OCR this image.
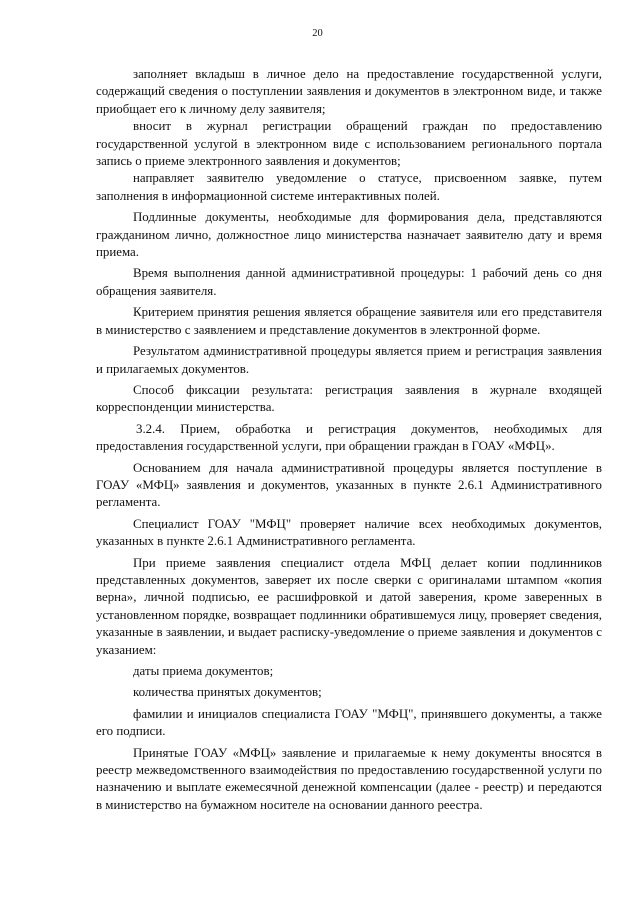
20

заполняет вкладыш в личное дело на предоставление государственной услуги, содержащий сведения о поступлении заявления и документов в электронном виде, и также приобщает его к личному делу заявителя;

вносит в журнал регистрации обращений граждан по предоставлению государственной услугой в электронном виде с использованием регионального портала запись о приеме электронного заявления и документов;

направляет заявителю уведомление о статусе, присвоенном заявке, путем заполнения в информационной системе интерактивных полей.

Подлинные документы, необходимые для формирования дела, представляются гражданином лично, должностное лицо министерства назначает заявителю дату и время приема.

Время выполнения данной административной процедуры: 1 рабочий день со дня обращения заявителя.

Критерием принятия решения является обращение заявителя или его представителя в министерство с заявлением и представление документов в электронной форме.

Результатом административной процедуры является прием и регистрация заявления и прилагаемых документов.

Способ фиксации результата: регистрация заявления в журнале входящей корреспонденции министерства.

3.2.4. Прием, обработка и регистрация документов, необходимых для предоставления государственной услуги, при обращении граждан в ГОАУ «МФЦ».

Основанием для начала административной процедуры является поступление в ГОАУ «МФЦ» заявления и документов, указанных в пункте 2.6.1 Административного регламента.

Специалист ГОАУ "МФЦ" проверяет наличие всех необходимых документов, указанных в пункте 2.6.1 Административного регламента.

При приеме заявления специалист отдела МФЦ делает копии подлинников представленных документов, заверяет их после сверки с оригиналами штампом «копия верна», личной подписью, ее расшифровкой и датой заверения, кроме заверенных в установленном порядке, возвращает подлинники обратившемуся лицу, проверяет сведения, указанные в заявлении, и выдает расписку-уведомление о приеме заявления и документов с указанием:

даты приема документов;

количества принятых документов;

фамилии и инициалов специалиста ГОАУ "МФЦ", принявшего документы, а также его подписи.

Принятые ГОАУ «МФЦ» заявление и прилагаемые к нему документы вносятся в реестр межведомственного взаимодействия по предоставлению государственной услуги по назначению и выплате ежемесячной денежной компенсации (далее - реестр) и передаются в министерство на бумажном носителе на основании данного реестра.
